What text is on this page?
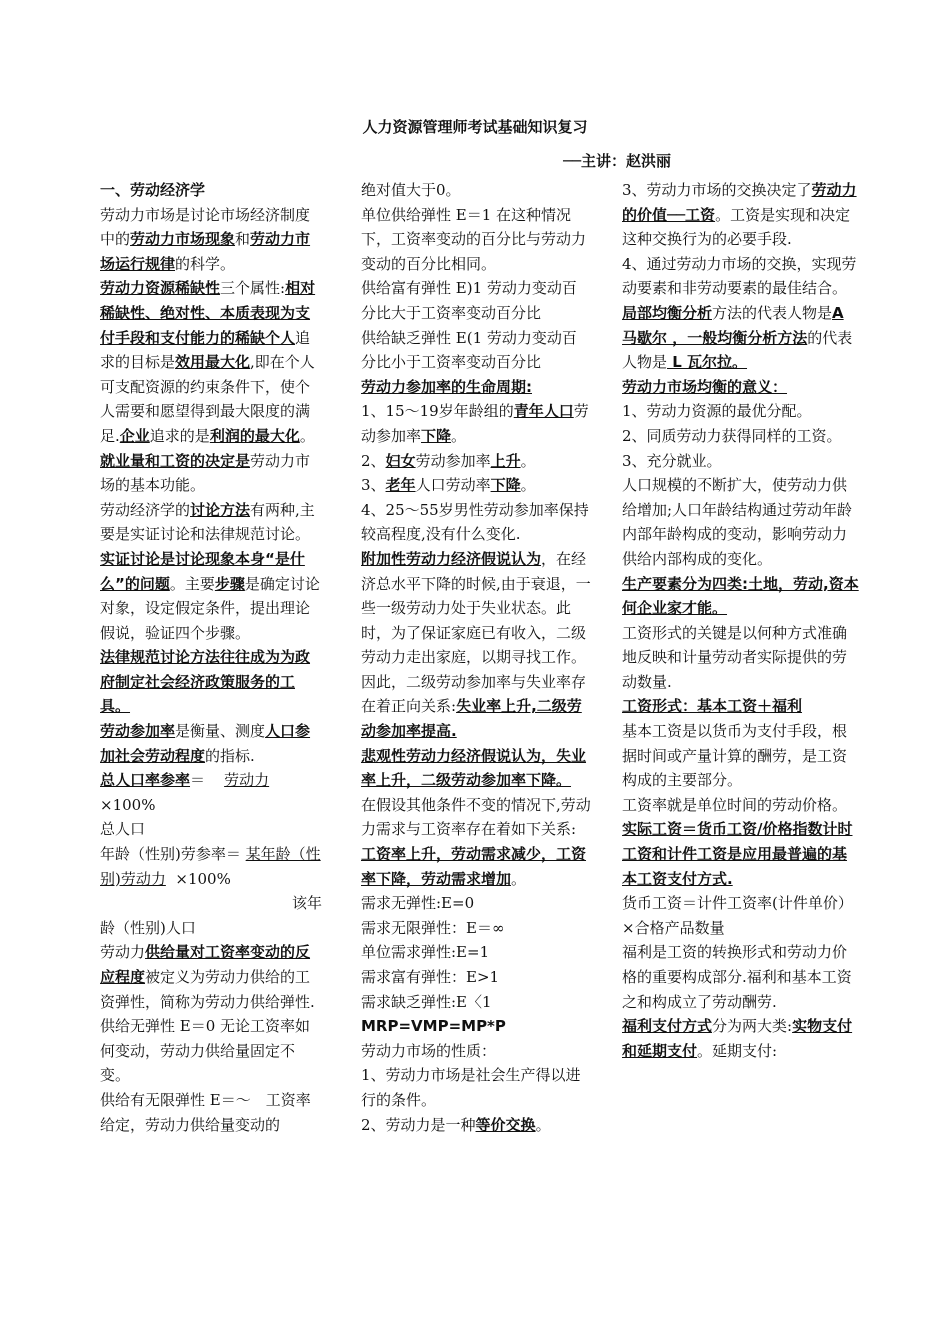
人力资源管理师考试基础知识复习
──主讲：赵洪丽

一、劳动经济学

劳动力市场是讨论市场经济制度中的劳动力市场现象和劳动力市场运行规律的科学。

劳动力资源稀缺性三个属性:相对稀缺性、绝对性、本质表现为支付手段和支付能力的稀缺个人追求的目标是效用最大化,即在个人可支配资源的约束条件下，使个人需要和愿望得到最大限度的满足.企业追求的是利润的最大化。

就业量和工资的决定是劳动力市场的基本功能。

劳动经济学的讨论方法有两种,主要是实证讨论和法律规范讨论。

实证讨论是讨论现象本身“是什么”的问题。主要步骤是确定讨论对象，设定假定条件，提出理论假说，验证四个步骤。

法律规范讨论方法往往成为为政府制定社会经济政策服务的工具。

劳动参加率是衡量、测度人口参加社会劳动程度的指标.

总人口率参率＝ 劳动力

×100%

总人口

年龄（性别)劳参率＝ 某年龄（性别)劳动力 ×100%

该年

龄（性别)人口

劳动力供给量对工资率变动的反应程度被定义为劳动力供给的工资弹性，简称为劳动力供给弹性.

供给无弹性 E＝0 无论工资率如何变动，劳动力供给量固定不变。

供给有无限弹性 E＝～　工资率给定，劳动力供给量变动的

绝对值大于0。

单位供给弹性 E＝1 在这种情况下，工资率变动的百分比与劳动力变动的百分比相同。

供给富有弹性 E)1 劳动力变动百分比大于工资率变动百分比

供给缺乏弹性 E(1 劳动力变动百分比小于工资率变动百分比

劳动力参加率的生命周期:

1、15～19岁年龄组的青年人口劳动参加率下降。

2、妇女劳动参加率上升。

3、老年人口劳动率下降。

4、25～55岁男性劳动参加率保持较高程度,没有什么变化.

附加性劳动力经济假说认为，在经济总水平下降的时候,由于衰退，一些一级劳动力处于失业状态。此时，为了保证家庭已有收入，二级劳动力走出家庭，以期寻找工作。因此，二级劳动参加率与失业率存在着正向关系:失业率上升,二级劳动参加率提高.

悲观性劳动力经济假说认为，失业率上升，二级劳动参加率下降。

在假设其他条件不变的情况下,劳动力需求与工资率存在着如下关系:工资率上升，劳动需求减少，工资率下降，劳动需求增加。

需求无弹性:E=0

需求无限弹性：E＝∞

单位需求弹性:E=1

需求富有弹性：E>1

需求缺乏弹性:E〈1

MRP=VMP=MP*P

劳动力市场的性质：

1、劳动力市场是社会生产得以进行的条件。

2、劳动力是一种等价交换。

3、劳动力市场的交换决定了劳动力的价值──工资。工资是实现和决定这种交换行为的必要手段.

4、通过劳动力市场的交换，实现劳动要素和非劳动要素的最佳结合。

局部均衡分析方法的代表人物是A 马歇尔 ，一般均衡分析方法的代表人物是 L 瓦尔拉。

劳动力市场均衡的意义：

1、劳动力资源的最优分配。

2、同质劳动力获得同样的工资。

3、充分就业。

人口规模的不断扩大，使劳动力供给增加;人口年龄结构通过劳动年龄内部年龄构成的变动，影响劳动力供给内部构成的变化。

生产要素分为四类:土地，劳动,资本何企业家才能。

工资形式的关键是以何种方式准确地反映和计量劳动者实际提供的劳动数量.

工资形式：基本工资＋福利

基本工资是以货币为支付手段，根据时间或产量计算的酬劳，是工资构成的主要部分。

工资率就是单位时间的劳动价格。

实际工资＝货币工资/价格指数计时工资和计件工资是应用最普遍的基本工资支付方式.

货币工资＝计件工资率(计件单价）×合格产品数量

福利是工资的转换形式和劳动力价格的重要构成部分.福利和基本工资之和构成立了劳动酬劳.

福利支付方式分为两大类:实物支付和延期支付。延期支付:
